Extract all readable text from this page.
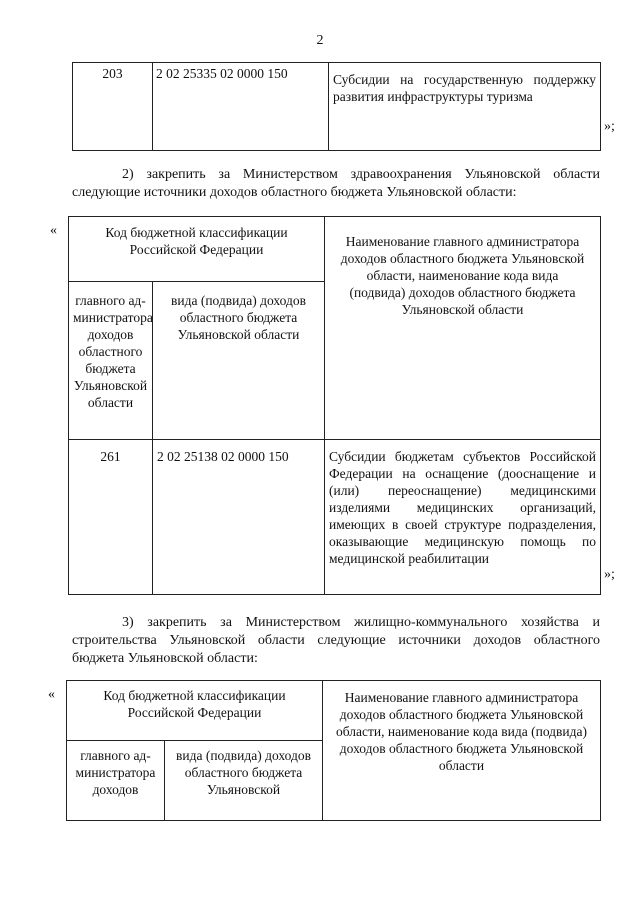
2
203	2 02 25335 02 0000 150	Субсидии на государственную поддержку развития инфраструктуры туризма
»;
2) закрепить за Министерством здравоохранения Ульяновской области следующие источники доходов областного бюджета Ульяновской области:
«	Код бюджетной классификации Российской Федерации		Наименование главного администратора доходов областного бюджета Ульяновской области, наименование кода вида (подвида) доходов областного бюджета Ульяновской области
главного ад-министратора доходов областного бюджета Ульяновской области	вида (подвида) доходов областного бюджета Ульяновской области	
261	2 02 25138 02 0000 150	Субсидии бюджетам субъектов Российской Федерации на оснащение (дооснащение и (или) переоснащение) медицинскими изделиями медицинских организаций, имеющих в своей структуре подразделения, оказывающие медицинскую помощь по медицинской реабилитации
»;
3) закрепить за Министерством жилищно-коммунального хозяйства и строительства Ульяновской области следующие источники доходов областного бюджета Ульяновской области:
«	Код бюджетной классификации Российской Федерации		Наименование главного администратора доходов областного бюджета Ульяновской области, наименование кода вида (подвида) доходов областного бюджета Ульяновской области
главного ад-министратора доходов	вида (подвида) доходов областного бюджета Ульяновской	
